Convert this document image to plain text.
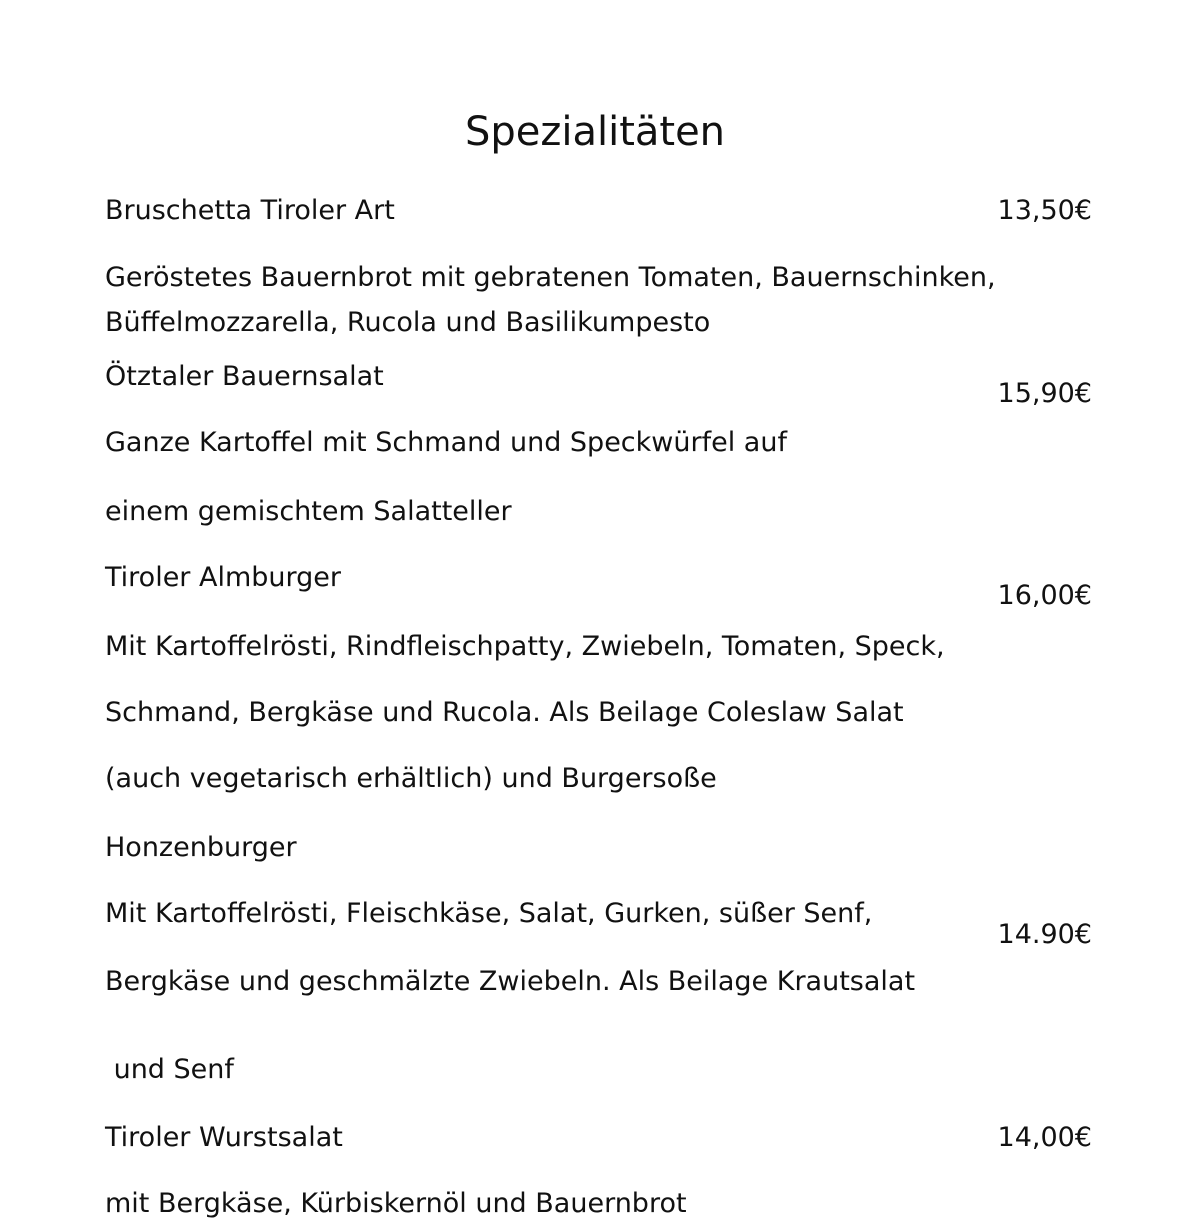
Spezialitäten
Bruschetta Tiroler Art	13,50€
Geröstetes Bauernbrot mit gebratenen Tomaten, Bauernschinken,
Büffelmozzarella, Rucola und Basilikumpesto
Ötztaler Bauernsalat
15,90€
Ganze Kartoffel mit Schmand und Speckwürfel auf
einem gemischtem Salatteller
Tiroler Almburger
16,00€
Mit Kartoffelrösti, Rindfleischpatty, Zwiebeln, Tomaten, Speck,
Schmand, Bergkäse und Rucola. Als Beilage Coleslaw Salat
(auch vegetarisch erhältlich) und Burgersoße
Honzenburger
Mit Kartoffelrösti, Fleischkäse, Salat, Gurken, süßer Senf,
14.90€
Bergkäse und geschmälzte Zwiebeln. Als Beilage Krautsalat
und Senf
Tiroler Wurstsalat	14,00€
mit Bergkäse, Kürbiskernöl und Bauernbrot
